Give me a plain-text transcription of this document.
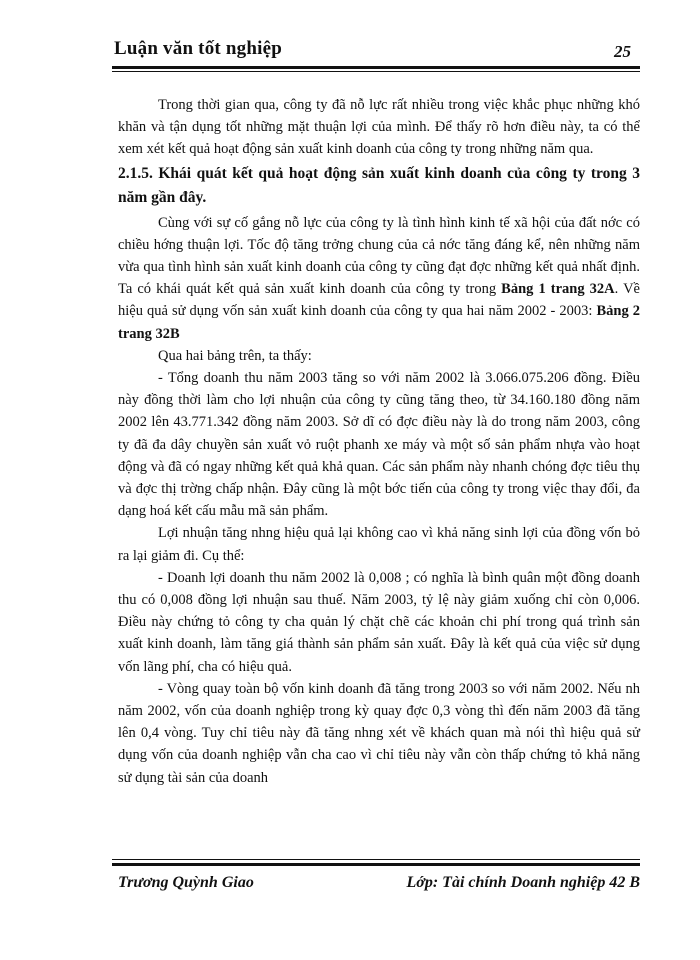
Luận văn tốt nghiệp	25

Trong thời gian qua, công ty đã nỗ lực rất nhiều trong việc khắc phục những khó khăn và tận dụng tốt những mặt thuận lợi của mình. Để thấy rõ hơn điều này, ta có thể xem xét kết quả hoạt động sản xuất kinh doanh của công ty trong những năm qua.

2.1.5. Khái quát kết quả hoạt động sản xuất kinh doanh của công ty trong 3 năm gần đây.

Cùng với sự cố gắng nỗ lực của công ty là tình hình kinh tế xã hội của đất nớc có chiều hớng thuận lợi. Tốc độ tăng trởng chung của cả nớc tăng đáng kể, nên những năm vừa qua tình hình sản xuất kinh doanh của công ty cũng đạt đợc những kết quả nhất định. Ta có khái quát kết quả sản xuất kinh doanh của công ty trong Bảng 1 trang 32A. Về hiệu quả sử dụng vốn sản xuất kinh doanh của công ty qua hai năm 2002 - 2003: Bảng 2 trang 32B

Qua hai bảng trên, ta thấy:

- Tổng doanh thu năm 2003 tăng so với năm 2002 là 3.066.075.206 đồng. Điều này đồng thời làm cho lợi nhuận của công ty cũng tăng theo, từ 34.160.180 đồng năm 2002 lên 43.771.342 đồng năm 2003. Sở dĩ có đợc điều này là do trong năm 2003, công ty đã đa dây chuyền sản xuất vỏ ruột phanh xe máy và một số sản phẩm nhựa vào hoạt động và đã có ngay những kết quả khả quan. Các sản phẩm này nhanh chóng đợc tiêu thụ và đợc thị trờng chấp nhận. Đây cũng là một bớc tiến của công ty trong việc thay đổi, đa dạng hoá kết cấu mẫu mã sản phẩm.

Lợi nhuận tăng nhng hiệu quả lại không cao vì khả năng sinh lợi của đồng vốn bỏ ra lại giảm đi. Cụ thể:

- Doanh lợi doanh thu năm 2002 là 0,008 ; có nghĩa là bình quân một đồng doanh thu có 0,008 đồng lợi nhuận sau thuế. Năm 2003, tỷ lệ này giảm xuống chỉ còn 0,006. Điều này chứng tỏ công ty cha quản lý chặt chẽ các khoản chi phí trong quá trình sản xuất kinh doanh, làm tăng giá thành sản phẩm sản xuất. Đây là kết quả của việc sử dụng vốn lãng phí, cha có hiệu quả.

- Vòng quay toàn bộ vốn kinh doanh đã tăng trong 2003 so với năm 2002. Nếu nh năm 2002, vốn của doanh nghiệp trong kỳ quay đợc 0,3 vòng thì đến năm 2003 đã tăng lên 0,4 vòng. Tuy chỉ tiêu này đã tăng nhng xét về khách quan mà nói thì hiệu quả sử dụng vốn của doanh nghiệp vẫn cha cao vì chỉ tiêu này vẫn còn thấp chứng tỏ khả năng sử dụng tài sản của doanh

Trương Quỳnh Giao	Lớp: Tài chính Doanh nghiệp 42 B
